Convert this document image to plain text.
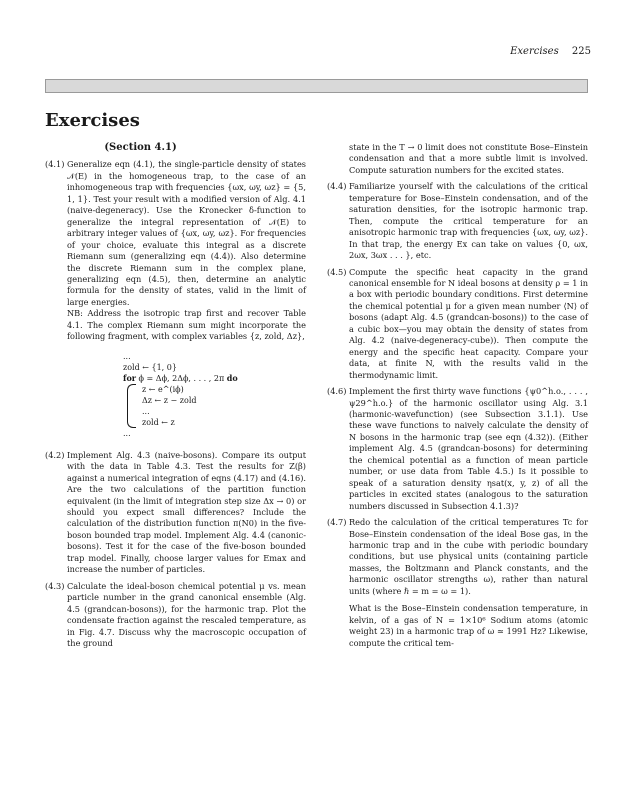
Exercises 225
Exercises
(Section 4.1)
(4.1) Generalize eqn (4.1), the single-particle density of states 𝒩(E) in the homogeneous trap, to the case of an inhomogeneous trap with frequencies {ωx, ωy, ωz} = {5, 1, 1}. Test your result with a modified version of Alg. 4.1 (naive-degeneracy). Use the Kronecker δ-function to generalize the integral representation of 𝒩(E) to arbitrary integer values of {ωx, ωy, ωz}. For frequencies of your choice, evaluate this integral as a discrete Riemann sum (generalizing eqn (4.4)). Also determine the discrete Riemann sum in the complex plane, generalizing eqn (4.5), then, determine an analytic formula for the density of states, valid in the limit of large energies.

NB: Address the isotropic trap first and recover Table 4.1. The complex Riemann sum might incorporate the following fragment, with complex variables {z, zold, Δz},

...
zold ← {1, 0}
for ϕ = Δϕ, 2Δϕ, . . . , 2π do
z ← e^(iϕ)
Δz ← z − zold
...
zold ← z
...
(4.2) Implement Alg. 4.3 (naive-bosons). Compare its output with the data in Table 4.3. Test the results for Z(β) against a numerical integration of eqns (4.17) and (4.16). Are the two calculations of the partition function equivalent (in the limit of integration step size Δx → 0) or should you expect small differences? Include the calculation of the distribution function π(N0) in the five-boson bounded trap model. Implement Alg. 4.4 (canonic-bosons). Test it for the case of the five-boson bounded trap model. Finally, choose larger values for Emax and increase the number of particles.

(4.3) Calculate the ideal-boson chemical potential μ vs. mean particle number in the grand canonical ensemble (Alg. 4.5 (grandcan-bosons)), for the harmonic trap. Plot the condensate fraction against the rescaled temperature, as in Fig. 4.7. Discuss why the macroscopic occupation of the ground

state in the T → 0 limit does not constitute Bose–Einstein condensation and that a more subtle limit is involved. Compute saturation numbers for the excited states.

(4.4) Familiarize yourself with the calculations of the critical temperature for Bose–Einstein condensation, and of the saturation densities, for the isotropic harmonic trap. Then, compute the critical temperature for an anisotropic harmonic trap with frequencies {ωx, ωy, ωz}. In that trap, the energy Ex can take on values {0, ωx, 2ωx, 3ωx . . . }, etc.

(4.5) Compute the specific heat capacity in the grand canonical ensemble for N ideal bosons at density ρ = 1 in a box with periodic boundary conditions. First determine the chemical potential μ for a given mean number ⟨N⟩ of bosons (adapt Alg. 4.5 (grandcan-bosons)) to the case of a cubic box—you may obtain the density of states from Alg. 4.2 (naive-degeneracy-cube)). Then compute the energy and the specific heat capacity. Compare your data, at finite N, with the results valid in the thermodynamic limit.

(4.6) Implement the first thirty wave functions {ψ0^h.o., . . . , ψ29^h.o.} of the harmonic oscillator using Alg. 3.1 (harmonic-wavefunction) (see Subsection 3.1.1). Use these wave functions to naively calculate the density of N bosons in the harmonic trap (see eqn (4.32)). (Either implement Alg. 4.5 (grandcan-bosons) for determining the chemical potential as a function of mean particle number, or use data from Table 4.5.) Is it possible to speak of a saturation density ηsat(x, y, z) of all the particles in excited states (analogous to the saturation numbers discussed in Subsection 4.1.3)?

(4.7) Redo the calculation of the critical temperatures Tc for Bose–Einstein condensation of the ideal Bose gas, in the harmonic trap and in the cube with periodic boundary conditions, but use physical units (containing particle masses, the Boltzmann and Planck constants, and the harmonic oscillator strengths ω), rather than natural units (where ℏ = m = ω = 1).

What is the Bose–Einstein condensation temperature, in kelvin, of a gas of N = 1×10⁶ Sodium atoms (atomic weight 23) in a harmonic trap of ω ≃ 1991 Hz? Likewise, compute the critical tem-
